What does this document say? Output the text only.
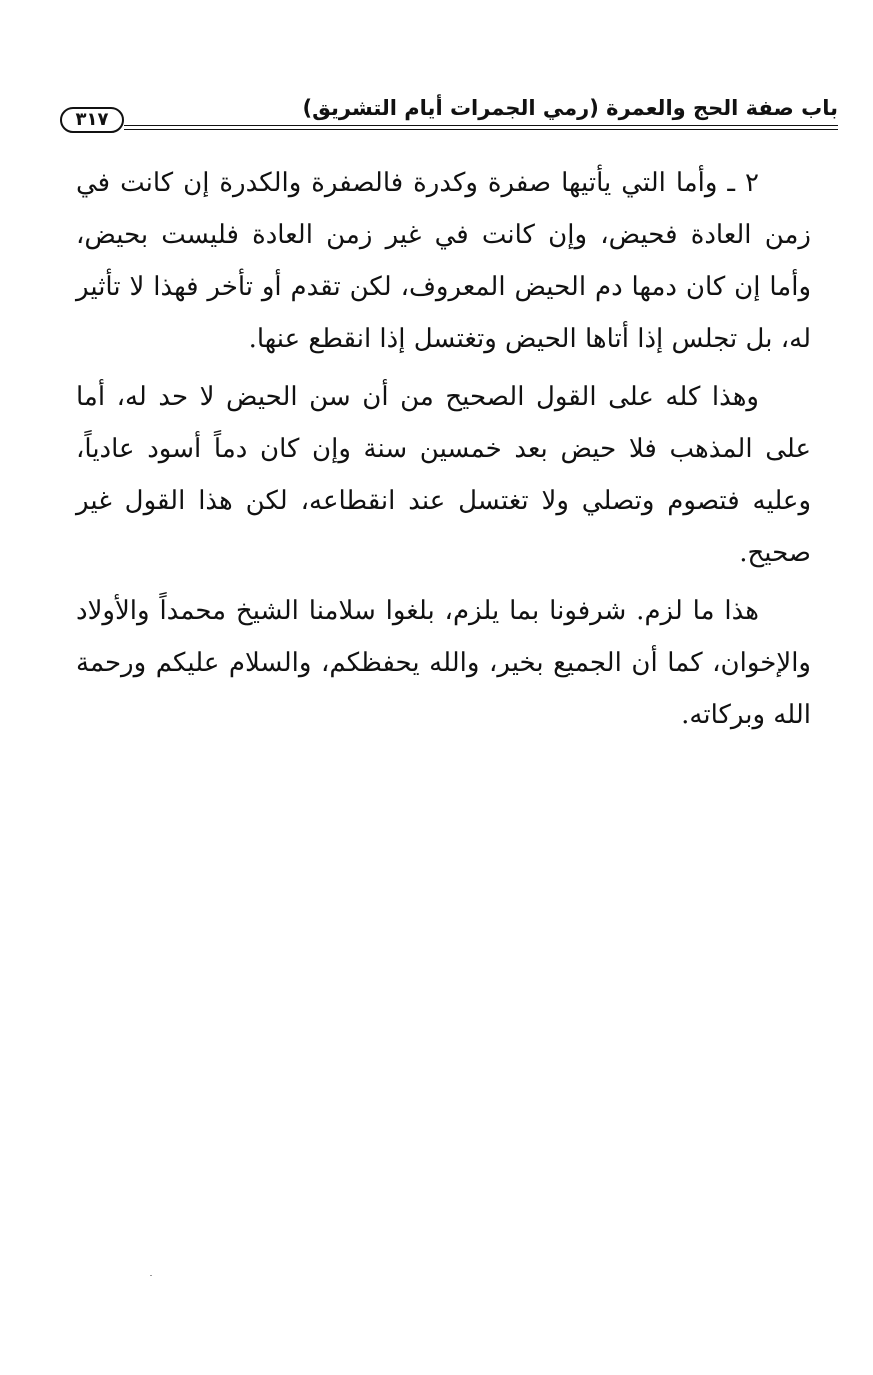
باب صفة الحج والعمرة (رمي الجمرات أيام التشريق)
٣١٧

٢ ـ وأما التي يأتيها صفرة وكدرة فالصفرة والكدرة إن كانت في زمن العادة فحيض، وإن كانت في غير زمن العادة فليست بحيض، وأما إن كان دمها دم الحيض المعروف، لكن تقدم أو تأخر فهذا لا تأثير له، بل تجلس إذا أتاها الحيض وتغتسل إذا انقطع عنها.

وهذا كله على القول الصحيح من أن سن الحيض لا حد له، أما على المذهب فلا حيض بعد خمسين سنة وإن كان دماً أسود عادياً، وعليه فتصوم وتصلي ولا تغتسل عند انقطاعه، لكن هذا القول غير صحيح.

هذا ما لزم. شرفونا بما يلزم، بلغوا سلامنا الشيخ محمداً والأولاد والإخوان، كما أن الجميع بخير، والله يحفظكم، والسلام عليكم ورحمة الله وبركاته.
